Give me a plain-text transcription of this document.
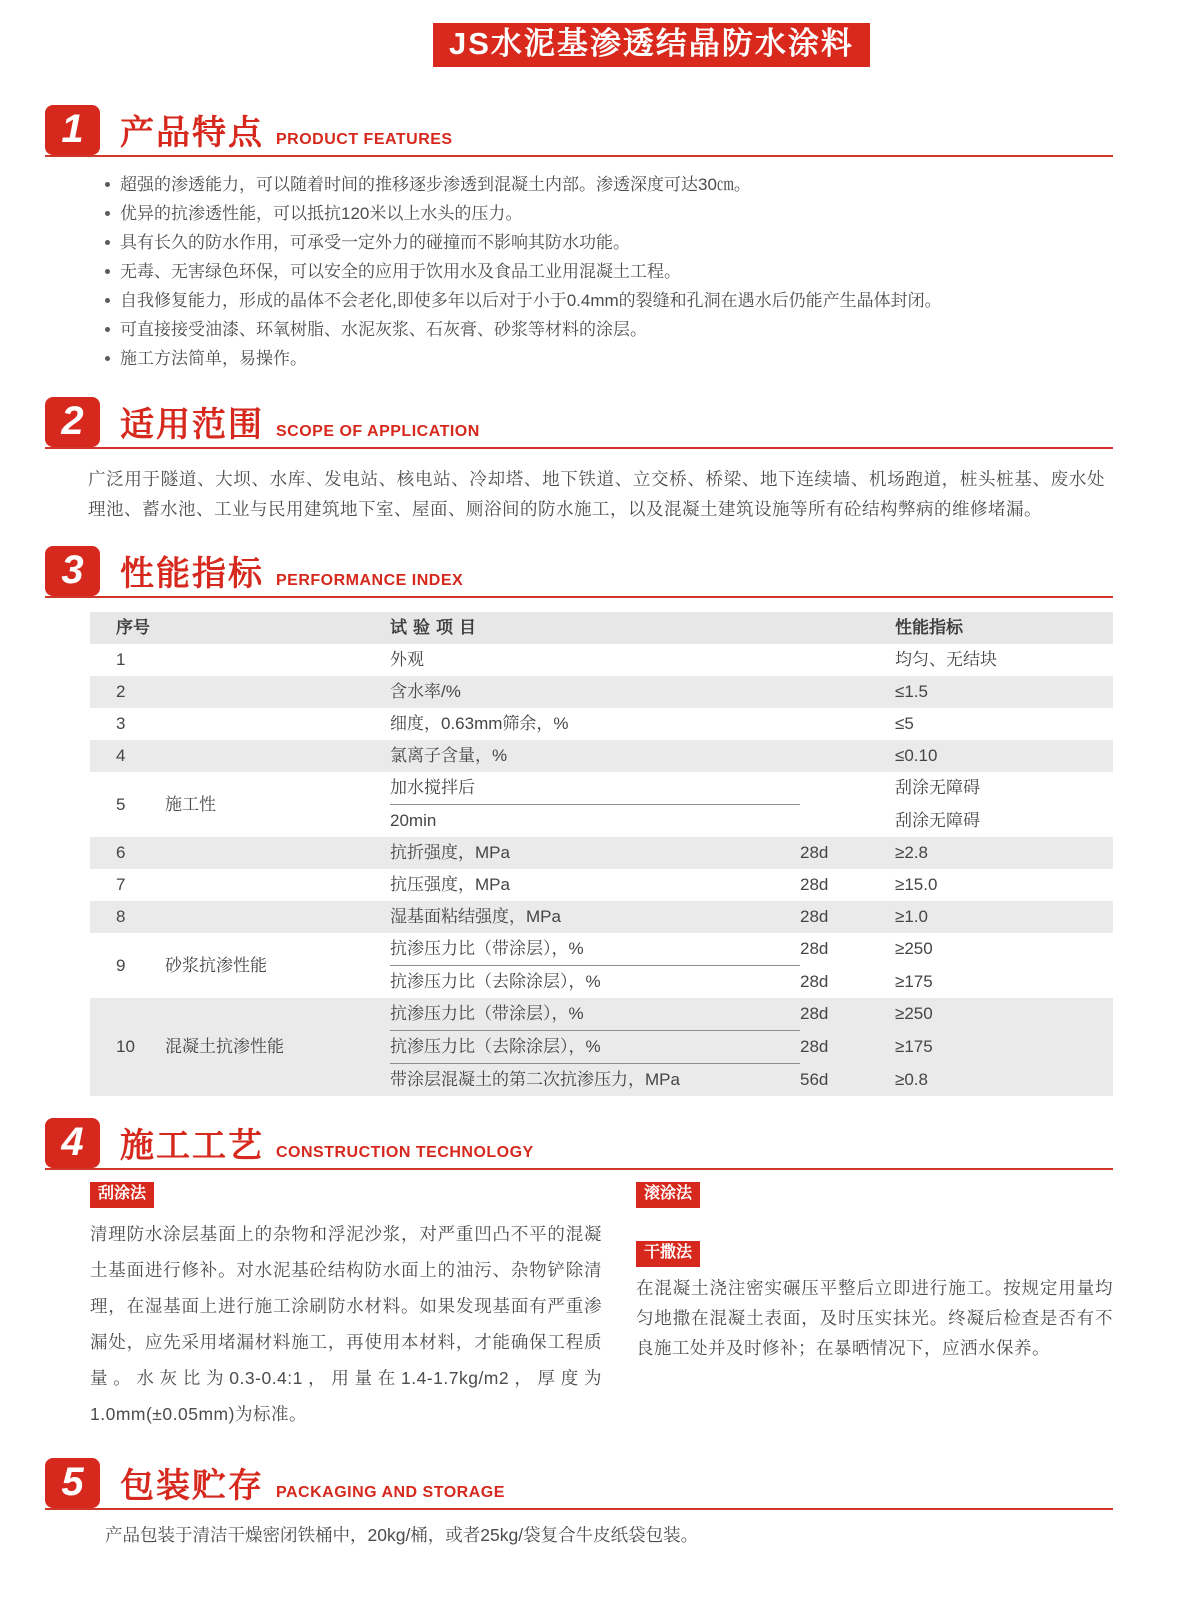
JS水泥基渗透结晶防水涂料
1	产品特点 PRODUCT FEATURES
超强的渗透能力，可以随着时间的推移逐步渗透到混凝土内部。渗透深度可达30㎝。
优异的抗渗透性能，可以抵抗120米以上水头的压力。
具有长久的防水作用，可承受一定外力的碰撞而不影响其防水功能。
无毒、无害绿色环保，可以安全的应用于饮用水及食品工业用混凝土工程。
自我修复能力，形成的晶体不会老化,即使多年以后对于小于0.4mm的裂缝和孔洞在遇水后仍能产生晶体封闭。
可直接接受油漆、环氧树脂、水泥灰浆、石灰膏、砂浆等材料的涂层。
施工方法简单，易操作。
2	适用范围 SCOPE OF APPLICATION

广泛用于隧道、大坝、水库、发电站、核电站、冷却塔、地下铁道、立交桥、桥梁、地下连续墙、机场跑道，桩头桩基、废水处理池、蓄水池、工业与民用建筑地下室、屋面、厕浴间的防水施工，以及混凝土建筑设施等所有砼结构弊病的维修堵漏。

3	性能指标 PERFORMANCE INDEX
序号		试验项目		性能指标
1		外观		均匀、无结块
2		含水率/%		≤1.5
3		细度，0.63mm筛余，%		≤5
4		氯离子含量，%		≤0.10
5	施工性	加水搅拌后		刮涂无障碍
		20min		刮涂无障碍
6		抗折强度，MPa	28d	≥2.8
7		抗压强度，MPa	28d	≥15.0
8		湿基面粘结强度，MPa	28d	≥1.0
9	砂浆抗渗性能	抗渗压力比（带涂层），%	28d	≥250
		抗渗压力比（去除涂层），%	28d	≥175
10	混凝土抗渗性能	抗渗压力比（带涂层），%	28d	≥250
		抗渗压力比（去除涂层），%	28d	≥175
		带涂层混凝土的第二次抗渗压力，MPa	56d	≥0.8
4	施工工艺 CONSTRUCTION TECHNOLOGY
刮涂法
清理防水涂层基面上的杂物和浮泥沙浆，对严重凹凸不平的混凝土基面进行修补。对水泥基砼结构防水面上的油污、杂物铲除清理，在湿基面上进行施工涂刷防水材料。如果发现基面有严重渗漏处，应先采用堵漏材料施工，再使用本材料，才能确保工程质量。水灰比为0.3-0.4:1，用量在1.4-1.7kg/m2，厚度为1.0mm(±0.05mm)为标准。
滚涂法
干撒法
在混凝土浇注密实碾压平整后立即进行施工。按规定用量均匀地撒在混凝土表面，及时压实抹光。终凝后检查是否有不良施工处并及时修补；在暴晒情况下，应洒水保养。
5	包装贮存 PACKAGING AND STORAGE

产品包装于清洁干燥密闭铁桶中，20kg/桶，或者25kg/袋复合牛皮纸袋包装。
